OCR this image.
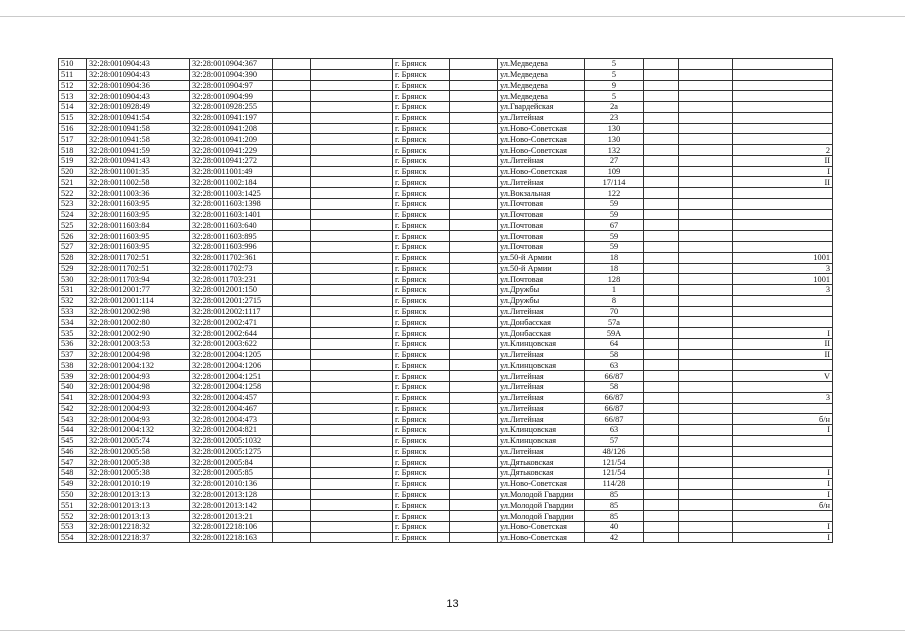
510	32:28:0010904:43	32:28:0010904:367			г. Брянск		ул.Медведева	5			
511	32:28:0010904:43	32:28:0010904:390			г. Брянск		ул.Медведева	5			
512	32:28:0010904:36	32:28:0010904:97			г. Брянск		ул.Медведева	9			
513	32:28:0010904:43	32:28:0010904:99			г. Брянск		ул.Медведева	5			
514	32:28:0010928:49	32:28:0010928:255			г. Брянск		ул.Гвардейская	2а			
515	32:28:0010941:54	32:28:0010941:197			г. Брянск		ул.Литейная	23			
516	32:28:0010941:58	32:28:0010941:208			г. Брянск		ул.Ново-Советская	130			
517	32:28:0010941:58	32:28:0010941:209			г. Брянск		ул.Ново-Советская	130			
518	32:28:0010941:59	32:28:0010941:229			г. Брянск		ул.Ново-Советская	132			2
519	32:28:0010941:43	32:28:0010941:272			г. Брянск		ул.Литейная	27			II
520	32:28:0011001:35	32:28:0011001:49			г. Брянск		ул.Ново-Советская	109			I
521	32:28:0011002:58	32:28:0011002:184			г. Брянск		ул.Литейная	17/114			II
522	32:28:0011003:36	32:28:0011003:1425			г. Брянск		ул.Вокзальная	122			
523	32:28:0011603:95	32:28:0011603:1398			г. Брянск		ул.Почтовая	59			
524	32:28:0011603:95	32:28:0011603:1401			г. Брянск		ул.Почтовая	59			
525	32:28:0011603:84	32:28:0011603:640			г. Брянск		ул.Почтовая	67			
526	32:28:0011603:95	32:28:0011603:895			г. Брянск		ул.Почтовая	59			
527	32:28:0011603:95	32:28:0011603:996			г. Брянск		ул.Почтовая	59			
528	32:28:0011702:51	32:28:0011702:361			г. Брянск		ул.50-й Армии	18			1001
529	32:28:0011702:51	32:28:0011702:73			г. Брянск		ул.50-й Армии	18			3
530	32:28:0011703:94	32:28:0011703:231			г. Брянск		ул.Почтовая	128			1001
531	32:28:0012001:77	32:28:0012001:150			г. Брянск		ул.Дружбы	1			3
532	32:28:0012001:114	32:28:0012001:2715			г. Брянск		ул.Дружбы	8			
533	32:28:0012002:98	32:28:0012002:1117			г. Брянск		ул.Литейная	70			
534	32:28:0012002:80	32:28:0012002:471			г. Брянск		ул.Донбасская	57а			
535	32:28:0012002:90	32:28:0012002:644			г. Брянск		ул.Донбасская	59А			I
536	32:28:0012003:53	32:28:0012003:622			г. Брянск		ул.Клинцовская	64			II
537	32:28:0012004:98	32:28:0012004:1205			г. Брянск		ул.Литейная	58			II
538	32:28:0012004:132	32:28:0012004:1206			г. Брянск		ул.Клинцовская	63			
539	32:28:0012004:93	32:28:0012004:1251			г. Брянск		ул.Литейная	66/87			V
540	32:28:0012004:98	32:28:0012004:1258			г. Брянск		ул.Литейная	58			
541	32:28:0012004:93	32:28:0012004:457			г. Брянск		ул.Литейная	66/87			3
542	32:28:0012004:93	32:28:0012004:467			г. Брянск		ул.Литейная	66/87			
543	32:28:0012004:93	32:28:0012004:473			г. Брянск		ул.Литейная	66/87			б/н
544	32:28:0012004:132	32:28:0012004:821			г. Брянск		ул.Клинцовская	63			I
545	32:28:0012005:74	32:28:0012005:1032			г. Брянск		ул.Клинцовская	57			
546	32:28:0012005:58	32:28:0012005:1275			г. Брянск		ул.Литейная	48/126			
547	32:28:0012005:38	32:28:0012005:84			г. Брянск		ул.Дятьковская	121/54			
548	32:28:0012005:38	32:28:0012005:85			г. Брянск		ул.Дятьковская	121/54			I
549	32:28:0012010:19	32:28:0012010:136			г. Брянск		ул.Ново-Советская	114/28			I
550	32:28:0012013:13	32:28:0012013:128			г. Брянск		ул.Молодой Гвардии	85			I
551	32:28:0012013:13	32:28:0012013:142			г. Брянск		ул.Молодой Гвардии	85			б/н
552	32:28:0012013:13	32:28:0012013:21			г. Брянск		ул.Молодой Гвардии	85			
553	32:28:0012218:32	32:28:0012218:106			г. Брянск		ул.Ново-Советская	40			I
554	32:28:0012218:37	32:28:0012218:163			г. Брянск		ул.Ново-Советская	42			I
13
